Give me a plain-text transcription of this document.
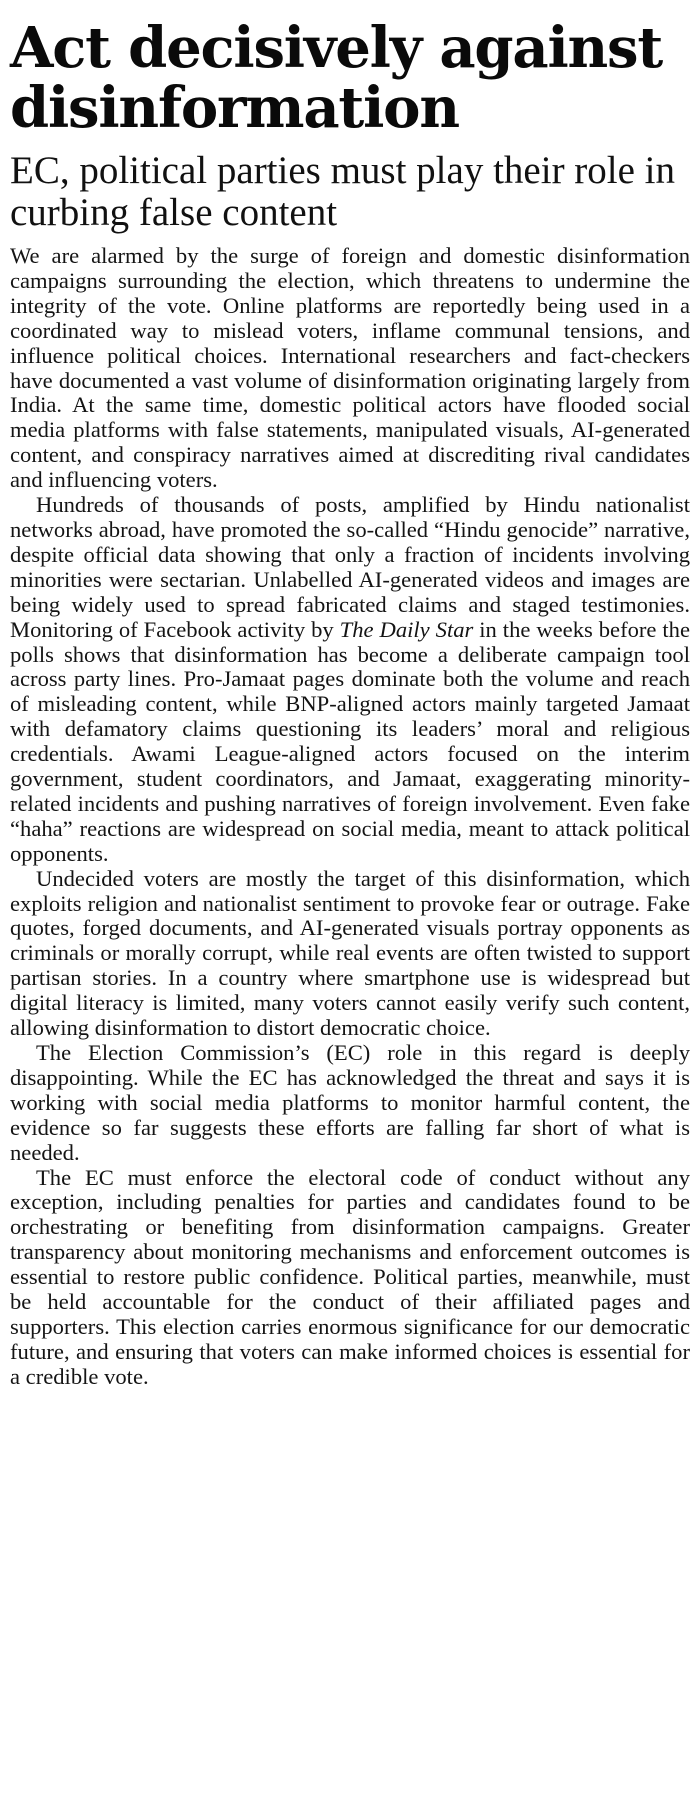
Act decisively against disinformation
EC, political parties must play their role in curbing false content

We are alarmed by the surge of foreign and domestic disinformation campaigns surrounding the election, which threatens to undermine the integrity of the vote. Online platforms are reportedly being used in a coordinated way to mislead voters, inflame communal tensions, and influence political choices. International researchers and fact-checkers have documented a vast volume of disinformation originating largely from India. At the same time, domestic political actors have flooded social media platforms with false statements, manipulated visuals, AI-generated content, and conspiracy narratives aimed at discrediting rival candidates and influencing voters.

Hundreds of thousands of posts, amplified by Hindu nationalist networks abroad, have promoted the so-called “Hindu genocide” narrative, despite official data showing that only a fraction of incidents involving minorities were sectarian. Unlabelled AI-generated videos and images are being widely used to spread fabricated claims and staged testimonies. Monitoring of Facebook activity by The Daily Star in the weeks before the polls shows that disinformation has become a deliberate campaign tool across party lines. Pro-Jamaat pages dominate both the volume and reach of misleading content, while BNP-aligned actors mainly targeted Jamaat with defamatory claims questioning its leaders’ moral and religious credentials. Awami League-aligned actors focused on the interim government, student coordinators, and Jamaat, exaggerating minority-related incidents and pushing narratives of foreign involvement. Even fake “haha” reactions are widespread on social media, meant to attack political opponents.

Undecided voters are mostly the target of this disinformation, which exploits religion and nationalist sentiment to provoke fear or outrage. Fake quotes, forged documents, and AI-generated visuals portray opponents as criminals or morally corrupt, while real events are often twisted to support partisan stories. In a country where smartphone use is widespread but digital literacy is limited, many voters cannot easily verify such content, allowing disinformation to distort democratic choice.

The Election Commission’s (EC) role in this regard is deeply disappointing. While the EC has acknowledged the threat and says it is working with social media platforms to monitor harmful content, the evidence so far suggests these efforts are falling far short of what is needed.

The EC must enforce the electoral code of conduct without any exception, including penalties for parties and candidates found to be orchestrating or benefiting from disinformation campaigns. Greater transparency about monitoring mechanisms and enforcement outcomes is essential to restore public confidence. Political parties, meanwhile, must be held accountable for the conduct of their affiliated pages and supporters. This election carries enormous significance for our democratic future, and ensuring that voters can make informed choices is essential for a credible vote.
